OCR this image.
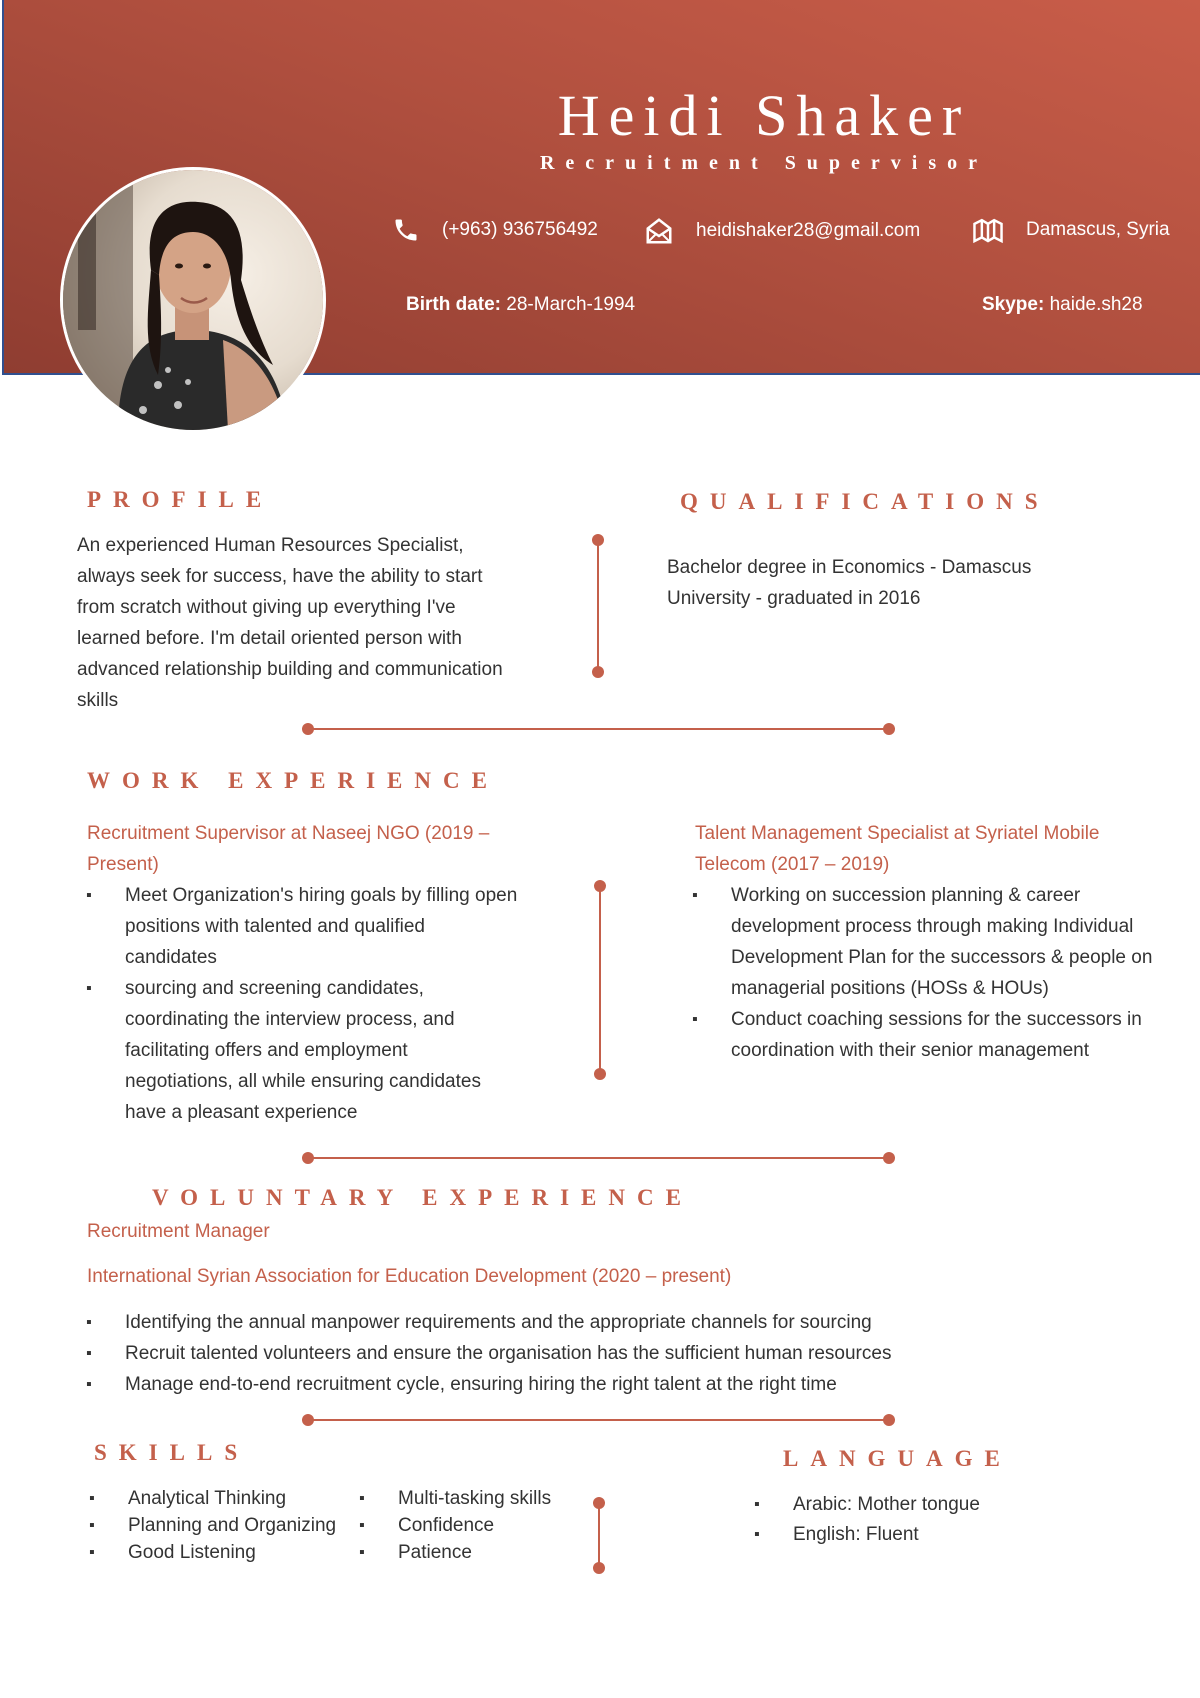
Heidi Shaker
Recruitment Supervisor
(+963) 936756492	heidishaker28@gmail.com	Damascus, Syria
Birth date: 28-March-1994	Skype: haide.sh28
PROFILE
An experienced Human Resources Specialist, always seek for success, have the ability to start from scratch without giving up everything I've learned before. I'm detail oriented person with advanced relationship building and communication skills
QUALIFICATIONS
Bachelor degree in Economics - Damascus University - graduated in 2016
WORK EXPERIENCE
Recruitment Supervisor at Naseej NGO (2019 – Present)
▪ Meet Organization's hiring goals by filling open positions with talented and qualified candidates
▪ sourcing and screening candidates, coordinating the interview process, and facilitating offers and employment negotiations, all while ensuring candidates have a pleasant experience
Talent Management Specialist at Syriatel Mobile Telecom (2017 – 2019)
▪ Working on succession planning & career development process through making Individual Development Plan for the successors & people on managerial positions (HOSs & HOUs)
▪ Conduct coaching sessions for the successors in coordination with their senior management
VOLUNTARY EXPERIENCE
Recruitment Manager
International Syrian Association for Education Development (2020 – present)
▪ Identifying the annual manpower requirements and the appropriate channels for sourcing
▪ Recruit talented volunteers and ensure the organisation has the sufficient human resources
▪ Manage end-to-end recruitment cycle, ensuring hiring the right talent at the right time
SKILLS
▪ Analytical Thinking
▪ Planning and Organizing
▪ Good Listening
▪ Multi-tasking skills
▪ Confidence
▪ Patience
LANGUAGE
▪ Arabic: Mother tongue
▪ English: Fluent
